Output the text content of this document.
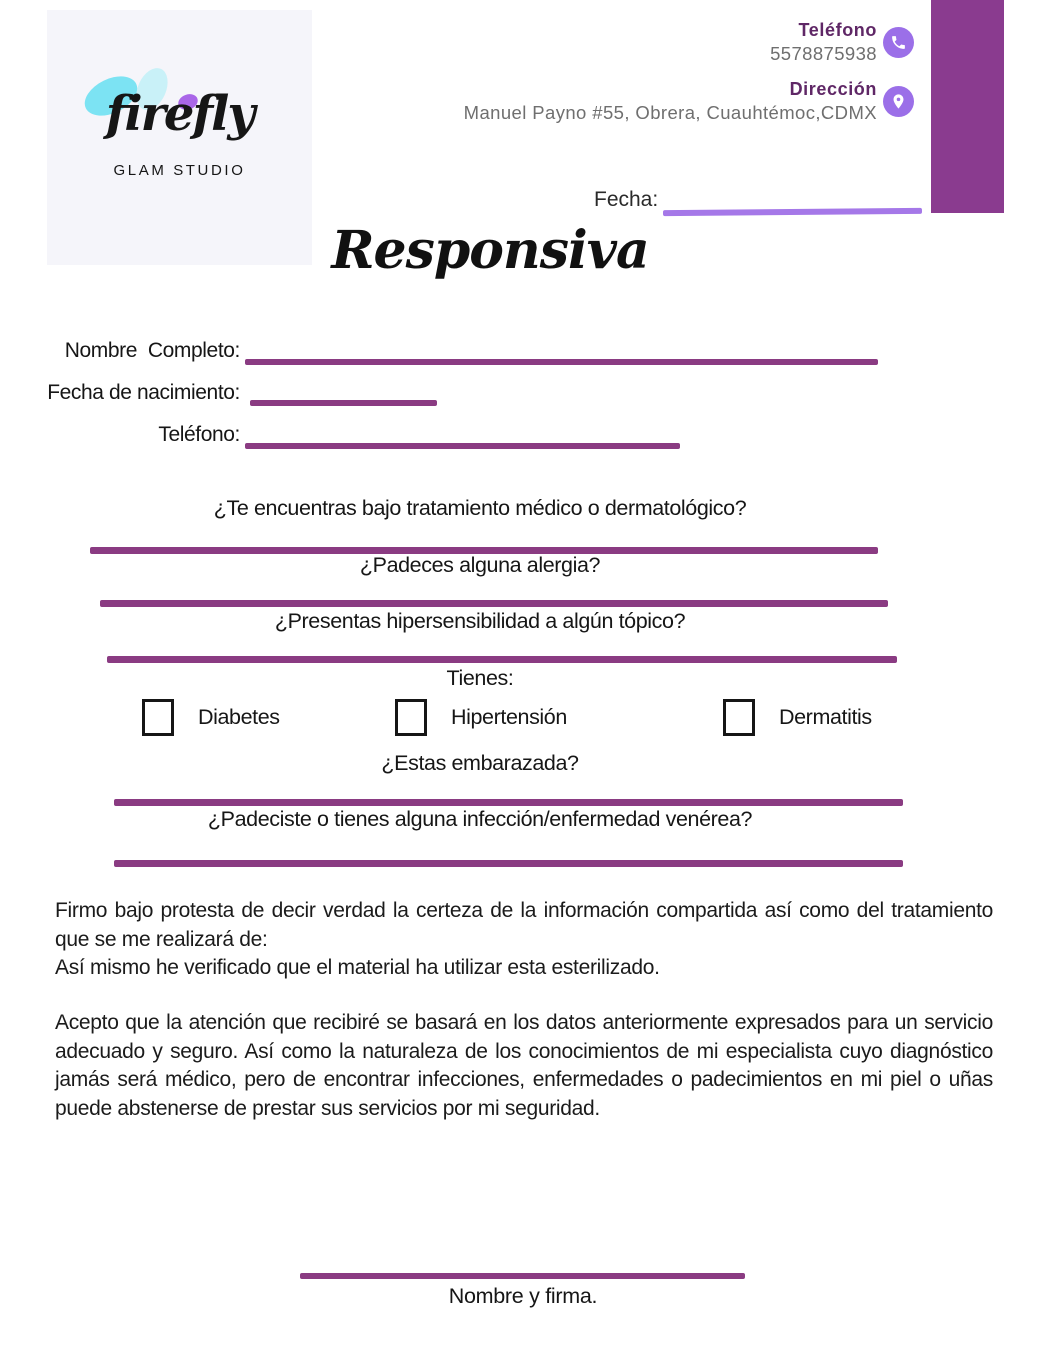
firefly
GLAM STUDIO
Teléfono
5578875938
Dirección
Manuel Payno #55, Obrera, Cuauhtémoc,CDMX
Fecha:
Responsiva
Nombre  Completo:
Fecha de nacimiento:
Teléfono:
¿Te encuentras bajo tratamiento médico o dermatológico?
¿Padeces alguna alergia?
¿Presentas hipersensibilidad a algún tópico?
Tienes:
Diabetes	Hipertensión	Dermatitis
¿Estas embarazada?
¿Padeciste o tienes alguna infección/enfermedad venérea?
Firmo bajo protesta de decir verdad la certeza de la información compartida así como del tratamiento que se me realizará de:
Así mismo he verificado que el material ha utilizar esta esterilizado.
Acepto que la atención que recibiré se basará en los datos anteriormente expresados para un servicio adecuado y seguro. Así como la naturaleza de los conocimientos de mi especialista cuyo diagnóstico jamás será médico, pero de encontrar infecciones, enfermedades o padecimientos en mi piel o uñas puede abstenerse de prestar sus servicios por mi seguridad.
Nombre y firma.
